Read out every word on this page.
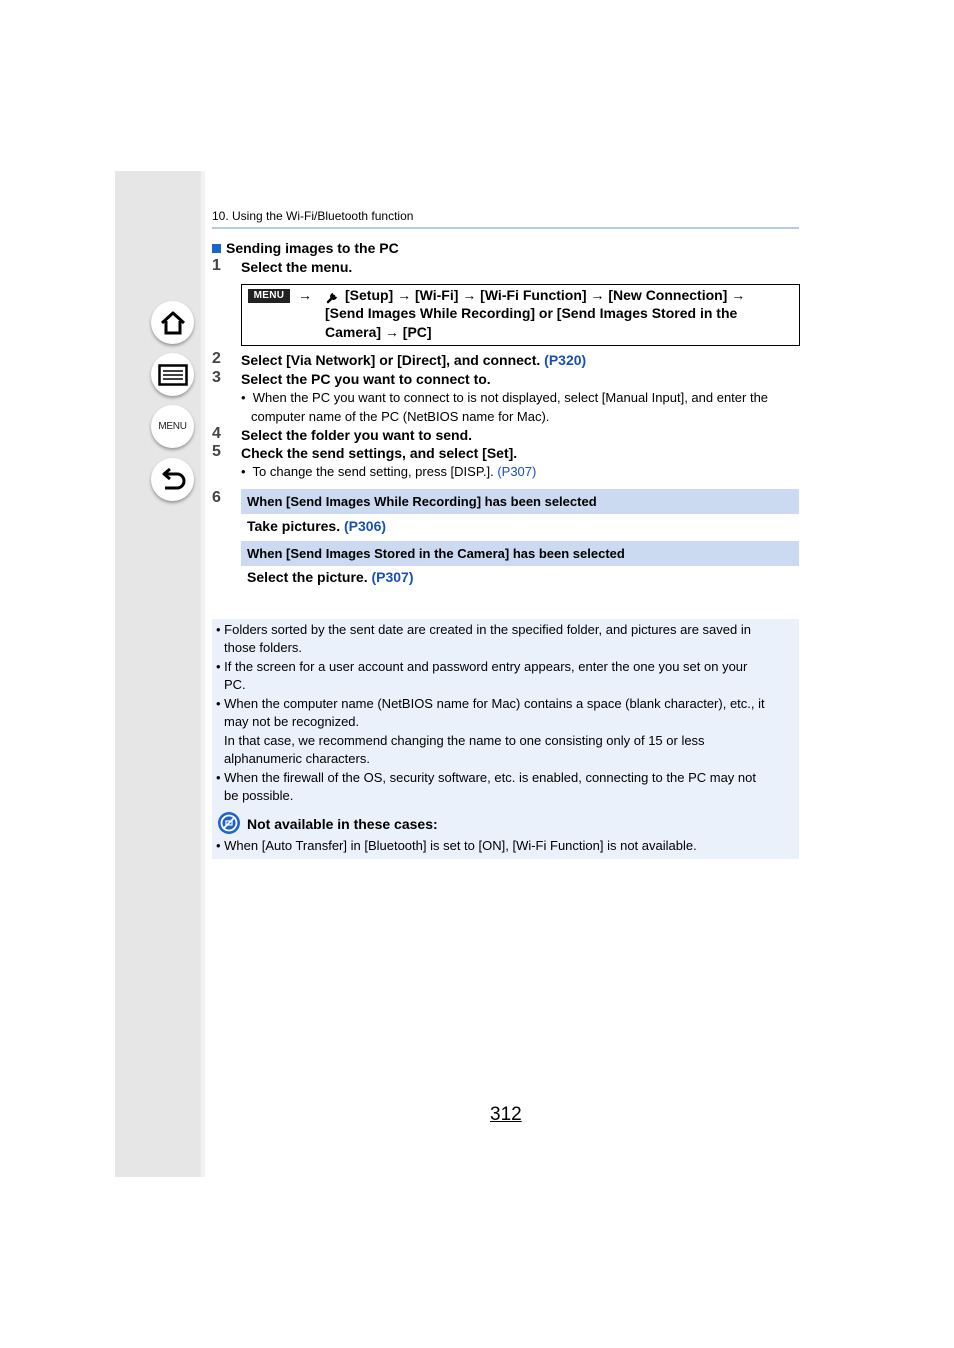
MENU
10. Using the Wi-Fi/Bluetooth function
Sending images to the PC
1 Select the menu.
MENU → [Setup] → [Wi-Fi] → [Wi-Fi Function] → [New Connection] →
[Send Images While Recording] or [Send Images Stored in the
Camera] → [PC]
2 Select [Via Network] or [Direct], and connect. (P320)
3 Select the PC you want to connect to.
•  When the PC you want to connect to is not displayed, select [Manual Input], and enter the
computer name of the PC (NetBIOS name for Mac).
4 Select the folder you want to send.
5 Check the send settings, and select [Set].
•  To change the send setting, press [DISP.]. (P307)
6 When [Send Images While Recording] has been selected
Take pictures. (P306)
When [Send Images Stored in the Camera] has been selected
Select the picture. (P307)
• Folders sorted by the sent date are created in the specified folder, and pictures are saved in
those folders.
• If the screen for a user account and password entry appears, enter the one you set on your
PC.
• When the computer name (NetBIOS name for Mac) contains a space (blank character), etc., it
may not be recognized.
In that case, we recommend changing the name to one consisting only of 15 or less
alphanumeric characters.
• When the firewall of the OS, security software, etc. is enabled, connecting to the PC may not
be possible.
Not available in these cases:
• When [Auto Transfer] in [Bluetooth] is set to [ON], [Wi-Fi Function] is not available.
312
